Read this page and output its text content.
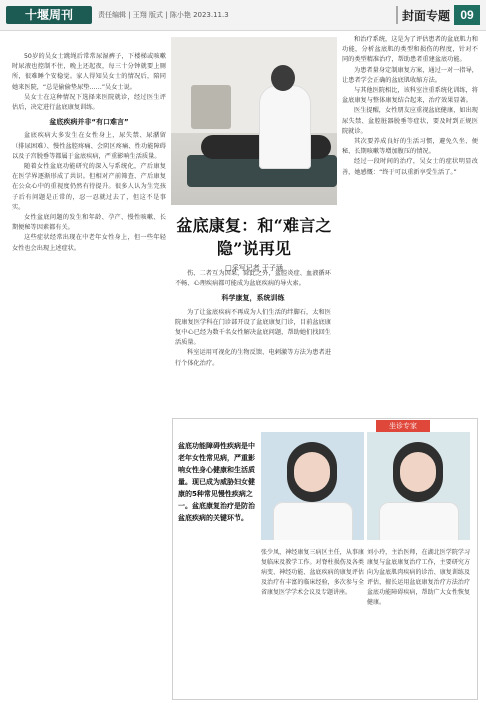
十堰周刊	责任编辑 | 王翔 版式 | 陈小艳 2023.11.3	封面专题 09

50岁的吴女士跳绳后常常尿湿裤子，下楼梯或咳嗽时尿液也控制不住，晚上还起夜，每三十分钟就要上厕所，很难睡个安稳觉。家人得知吴女士的情况后，陪同她来医院，“总是偷偷垫尿垫……”吴女士说。

吴女士在这种情况下选择来医院就诊，经过医生评估后，决定进行盆底康复训练。

盆底疾病并非“有口难言”

盆底疾病大多发生在女性身上，尿失禁、尿潴留（排尿困难）、慢性盆腔疼痛、会阴区疼痛、性功能障碍以及子宫脱垂等都属于盆底疾病，严重影响生活质量。

随着女性盆底功能研究的深入与系统化，产后康复在医学界逐渐形成了共识。但相对产前筛查、产后康复在公众心中的重视度仍然有待提升。很多人认为生完孩子后有问题是正常的，忍一忍就过去了，但这不是事实。

女性盆底问题的发生和年龄、孕产、慢性咳嗽、长期便秘等因素都有关。

这些症状经常出现在中老年女性身上，但一些年轻女性也会出现上述症状。

盆底康复：和“难言之隐”说再见
□采写记者 于子涵

伤、二者互为因果，除此之外，盆腔炎症、血液循环不畅、心理疾病都可能成为盆底疾病的导火索。

科学康复，系统训练

为了让盆底疾病不再成为人们生活的绊脚石，太和医院康复医学科在门诊部开设了盆底康复门诊，目前盆底康复中心已经为数千名女性解决盆底问题，帮助她们找回生活质量。

科室运用可视化的生物反馈、电刺激等方法为患者进行个体化治疗。

和治疗系统，这是为了评估患者的盆底肌力和功能，分析盆底肌的类型和损伤的程度，针对不同的类型精准治疗，帮助患者重建盆底功能。

为患者量身定制康复方案，通过一对一指导，让患者学会正确的盆底肌收缩方法。

与其他医院相比，该科室注重系统化训练，将盆底康复与整体康复结合起来，治疗效果显著。

医生提醒，女性朋友应重视盆底健康，如出现尿失禁、盆腔脏器脱垂等症状，要及时到正规医院就诊。

其次要养成良好的生活习惯，避免久坐、便秘、长期咳嗽等增加腹压的情况。

经过一段时间的治疗，吴女士的症状明显改善，她感慨：“终于可以重新享受生活了。”

坐诊专家
盆底功能障碍性疾病是中老年女性常见病，严重影响女性身心健康和生活质量。现已成为威胁妇女健康的5种常见慢性疾病之一。盆底康复治疗是防治盆底疾病的关键环节。
张少凤，神经康复三病区主任，从事康复临床及教学工作。对脊柱损伤及各类病变、神经功能、盆底疾病的康复评估及治疗有丰富的临床经验，多次参与全省康复医学学术会议及专题讲座。
刘小玲，主治医师，在湖北医学院学习康复与盆底康复治疗工作，主要研究方向为盆底肌肉疾病的诊治、康复训练及评估，擅长运用盆底康复治疗方法治疗盆底功能障碍疾病，帮助广大女性恢复健康。
